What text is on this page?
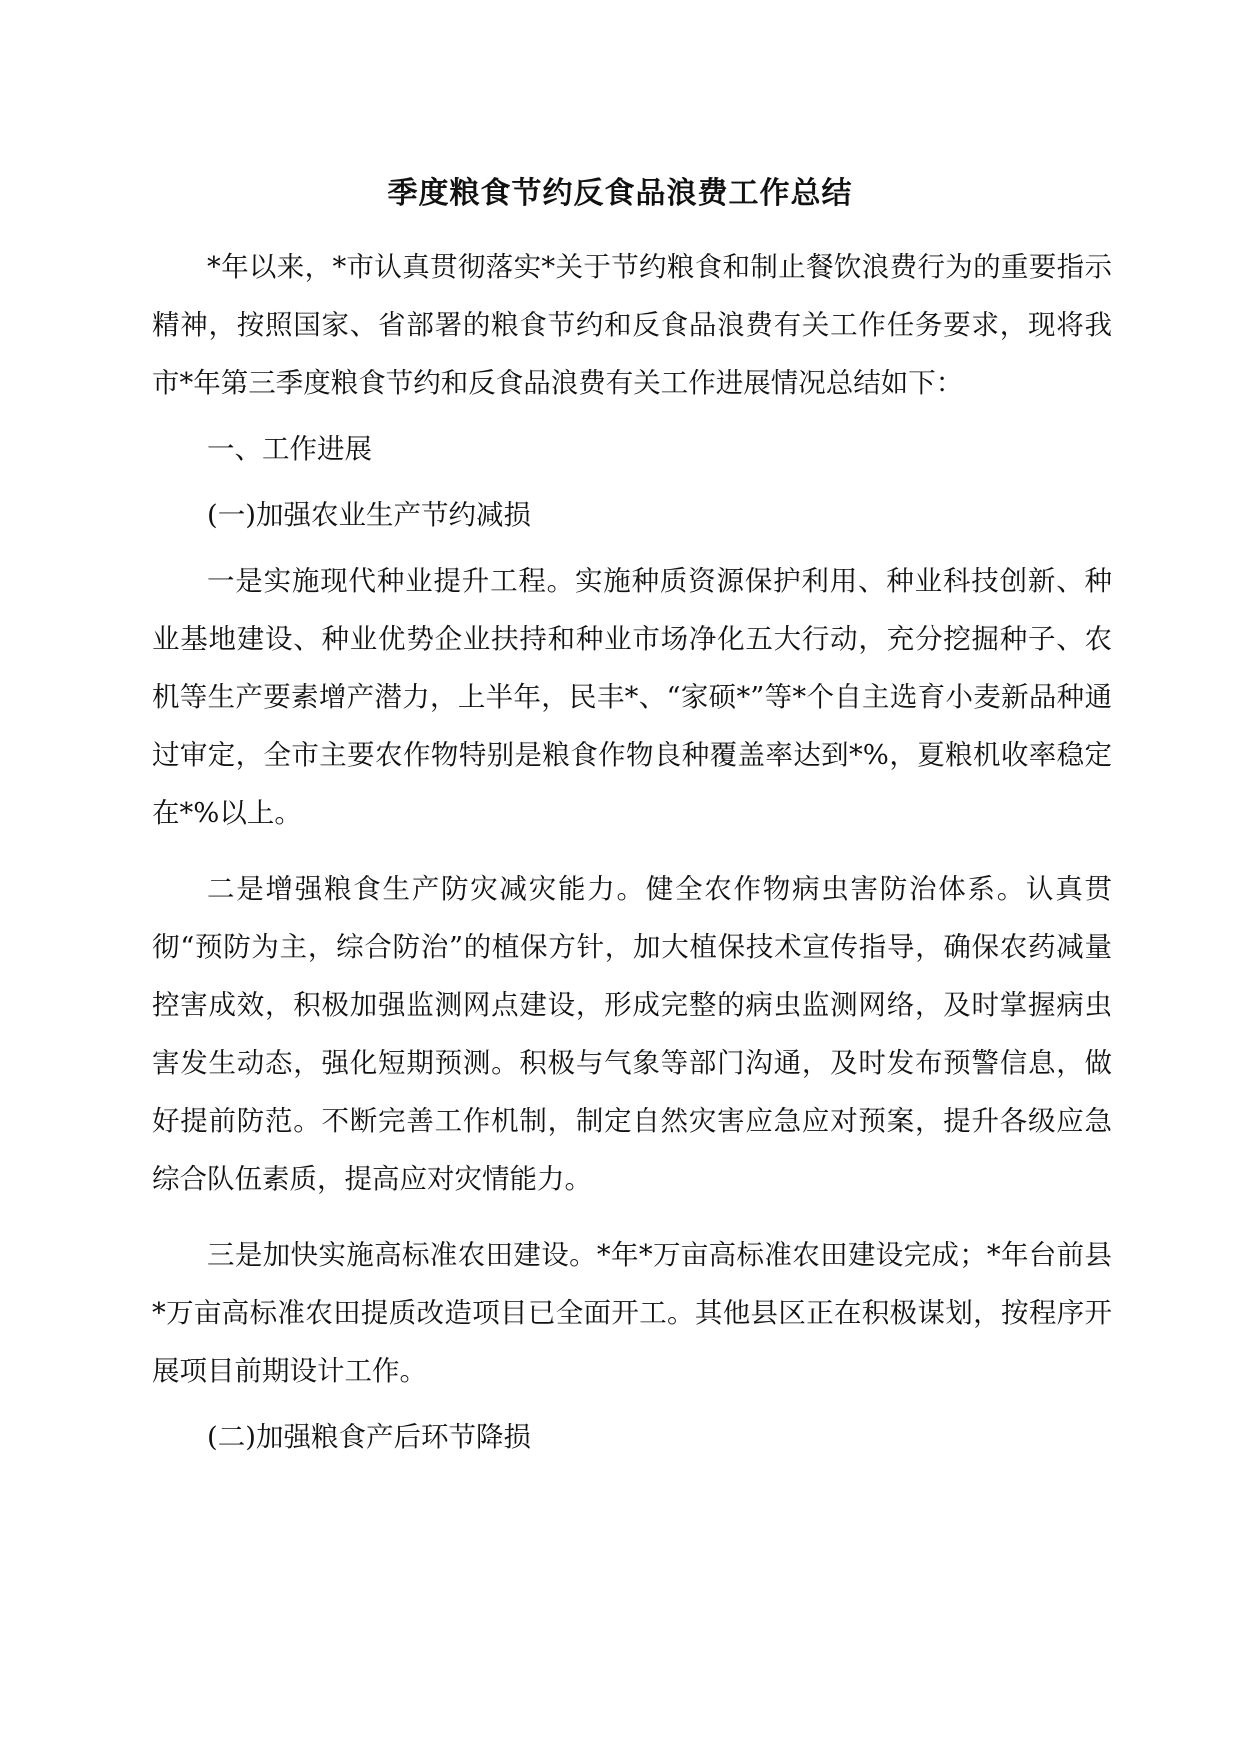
季度粮食节约反食品浪费工作总结

*年以来，*市认真贯彻落实*关于节约粮食和制止餐饮浪费行为的重要指示精神，按照国家、省部署的粮食节约和反食品浪费有关工作任务要求，现将我市*年第三季度粮食节约和反食品浪费有关工作进展情况总结如下：

一、工作进展

(一)加强农业生产节约减损

一是实施现代种业提升工程。实施种质资源保护利用、种业科技创新、种业基地建设、种业优势企业扶持和种业市场净化五大行动，充分挖掘种子、农机等生产要素增产潜力，上半年，民丰*、“家硕*”等*个自主选育小麦新品种通过审定，全市主要农作物特别是粮食作物良种覆盖率达到*%，夏粮机收率稳定在*%以上。

二是增强粮食生产防灾减灾能力。健全农作物病虫害防治体系。认真贯彻“预防为主，综合防治”的植保方针，加大植保技术宣传指导，确保农药减量控害成效，积极加强监测网点建设，形成完整的病虫监测网络，及时掌握病虫害发生动态，强化短期预测。积极与气象等部门沟通，及时发布预警信息，做好提前防范。不断完善工作机制，制定自然灾害应急应对预案，提升各级应急综合队伍素质，提高应对灾情能力。

三是加快实施高标准农田建设。*年*万亩高标准农田建设完成；*年台前县*万亩高标准农田提质改造项目已全面开工。其他县区正在积极谋划，按程序开展项目前期设计工作。

(二)加强粮食产后环节降损
